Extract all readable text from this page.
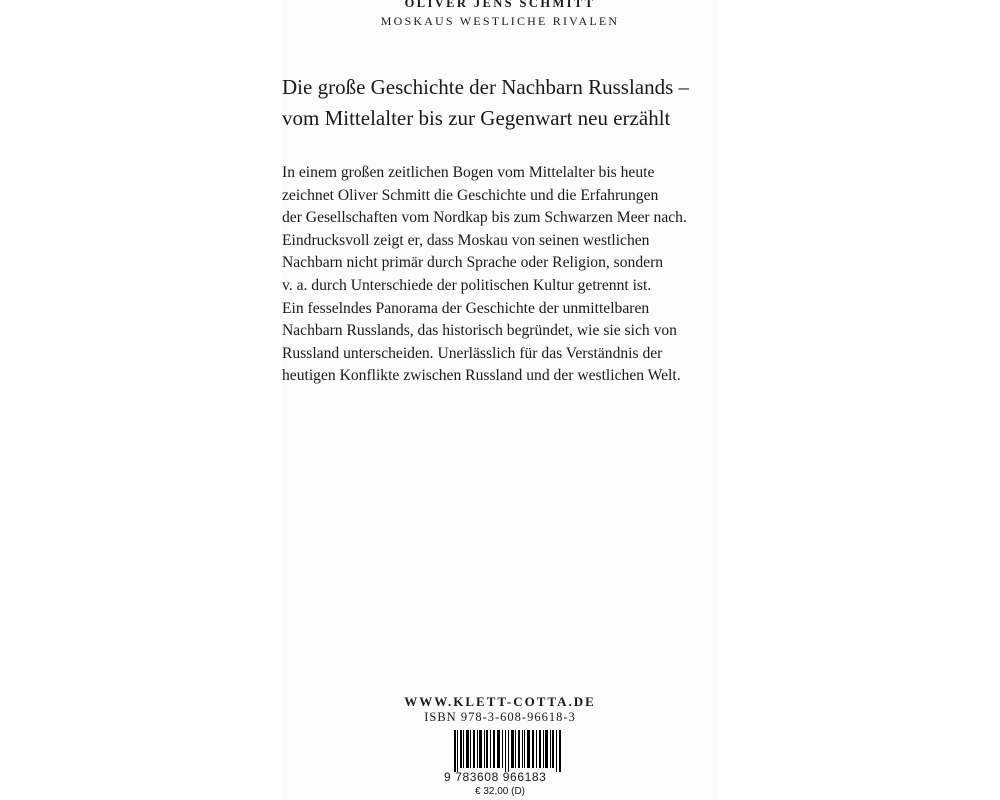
OLIVER JENS SCHMITT
MOSKAUS WESTLICHE RIVALEN
Die große Geschichte der Nachbarn Russlands –
vom Mittelalter bis zur Gegenwart neu erzählt
In einem großen zeitlichen Bogen vom Mittelalter bis heute
zeichnet Oliver Schmitt die Geschichte und die Erfahrungen
der Gesellschaften vom Nordkap bis zum Schwarzen Meer nach.
Eindrucksvoll zeigt er, dass Moskau von seinen westlichen
Nachbarn nicht primär durch Sprache oder Religion, sondern
v. a. durch Unterschiede der politischen Kultur getrennt ist.
Ein fesselndes Panorama der Geschichte der unmittelbaren
Nachbarn Russlands, das historisch begründet, wie sie sich von
Russland unterscheiden. Unerlässlich für das Verständnis der
heutigen Konflikte zwischen Russland und der westlichen Welt.
WWW.KLETT-COTTA.DE
ISBN 978-3-608-96618-3
9 783608 966183
€ 32,00 (D)
